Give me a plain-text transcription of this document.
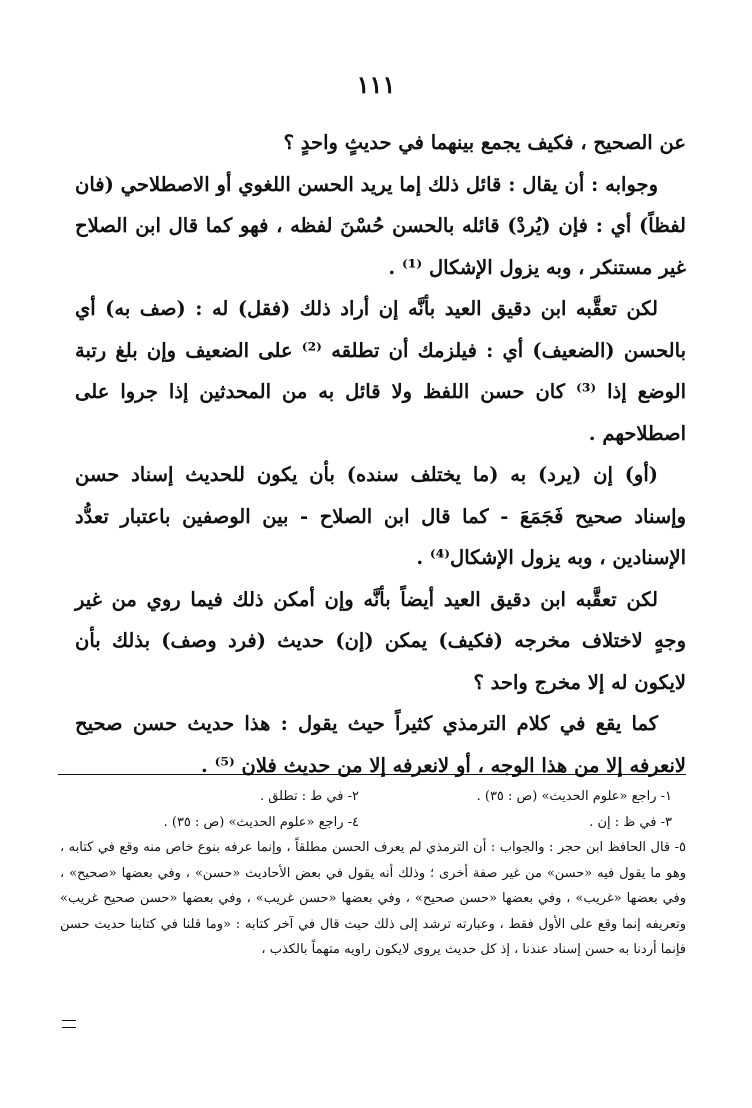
١١١

عن الصحيح ، فكيف يجمع بينهما في حديثٍ واحدٍ ؟

وجوابه : أن يقال : قائل ذلك إما يريد الحسن اللغوي أو الاصطلاحي (فان لفظاً) أي : فإن (يُردْ) قائله بالحسن حُسْنَ لفظه ، فهو كما قال ابن الصلاح غير مستنكر ، وبه يزول الإشكال ⁽¹⁾ .

لكن تعقَّبه ابن دقيق العيد بأنَّه إن أراد ذلك (فقل) له : (صف به) أي بالحسن (الضعيف) أي : فيلزمك أن تطلقه ⁽²⁾ على الضعيف وإن بلغ رتبة الوضع إذا ⁽³⁾ كان حسن اللفظ ولا قائل به من المحدثين إذا جروا على اصطلاحهم .

(أو) إن (يرد) به (ما يختلف سنده) بأن يكون للحديث إسناد حسن وإسناد صحيح فَجَمَعَ - كما قال ابن الصلاح - بين الوصفين باعتبار تعدُّد الإسنادين ، وبه يزول الإشكال⁽⁴⁾ .

لكن تعقَّبه ابن دقيق العيد أيضاً بأنَّه وإن أمكن ذلك فيما روي من غير وجهٍ لاختلاف مخرجه (فكيف) يمكن (إن) حديث (فرد وصف) بذلك بأن لايكون له إلا مخرج واحد ؟

كما يقع في كلام الترمذي كثيراً حيث يقول : هذا حديث حسن صحيح لانعرفه إلا من هذا الوجه ، أو لانعرفه إلا من حديث فلان ⁽⁵⁾ .

١- راجع «علوم الحديث» (ص : ٣٥) .
٢- في ط : تطلق .
٣- في ظ : إن .
٤- راجع «علوم الحديث» (ص : ٣٥) .
٥- قال الحافظ ابن حجر : والجواب : أن الترمذي لم يعرف الحسن مطلقاً ، وإنما عرفه بنوع خاص منه وقع في كتابه ، وهو ما يقول فيه «حسن» من غير صفة أخرى ؛ وذلك أنه يقول في بعض الأحاديث «حسن» ، وفي بعضها «صحيح» ، وفي بعضها «غريب» ، وفي بعضها «حسن صحيح» ، وفي بعضها «حسن غريب» ، وفي بعضها «حسن صحيح غريب» وتعريفه إنما وقع على الأول فقط ، وعبارته ترشد إلى ذلك حيث قال في آخر كتابه : «وما قلنا في كتابنا حديث حسن فإنما أردنا به حسن إسناد عندنا ، إذ كل حديث يروى لايكون راويه متهماً بالكذب ،
